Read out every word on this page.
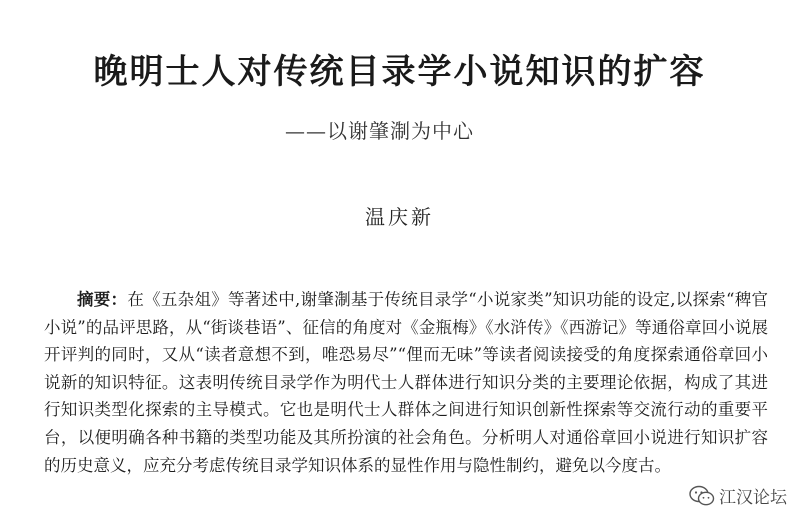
晚明士人对传统目录学小说知识的扩容
——以谢肇淛为中心
温庆新
摘要：在《五杂俎》等著述中,谢肇淛基于传统目录学“小说家类”知识功能的设定,以探索“稗官小说”的品评思路，从“街谈巷语”、征信的角度对《金瓶梅》《水浒传》《西游记》等通俗章回小说展开评判的同时，又从“读者意想不到，唯恐易尽”“俚而无味”等读者阅读接受的角度探索通俗章回小说新的知识特征。这表明传统目录学作为明代士人群体进行知识分类的主要理论依据，构成了其进行知识类型化探索的主导模式。它也是明代士人群体之间进行知识创新性探索等交流行动的重要平台，以便明确各种书籍的类型功能及其所扮演的社会角色。分析明人对通俗章回小说进行知识扩容的历史意义，应充分考虑传统目录学知识体系的显性作用与隐性制约，避免以今度古。
江汉论坛
